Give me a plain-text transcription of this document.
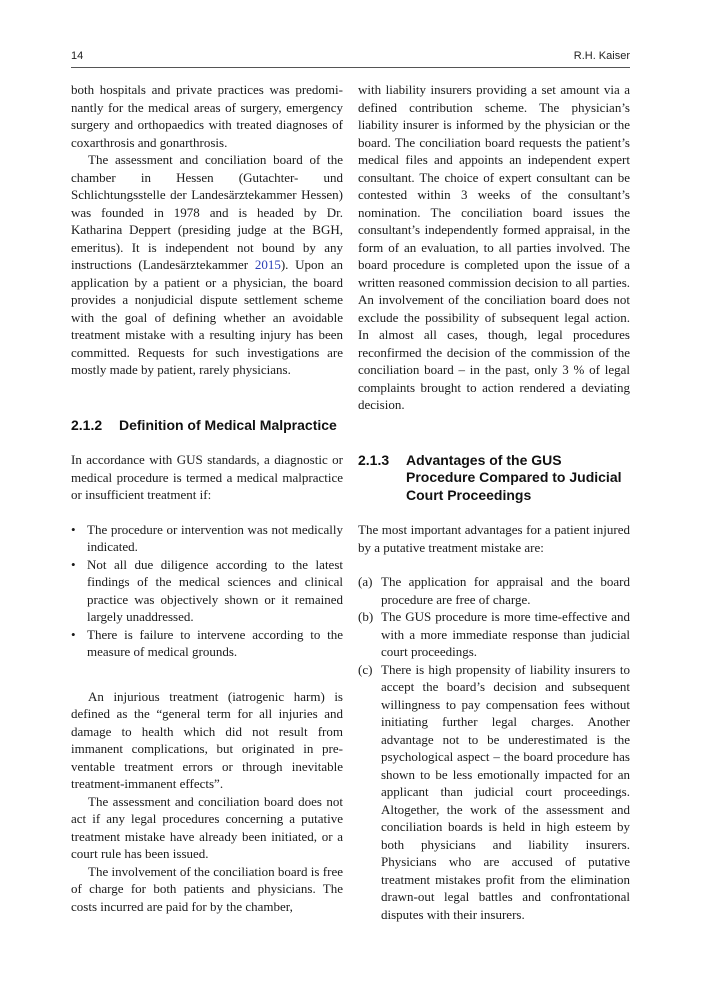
14	R.H. Kaiser

both hospitals and private practices was predominantly for the medical areas of surgery, emergency surgery and orthopaedics with treated diagnoses of coxarthrosis and gonarthrosis.

The assessment and conciliation board of the chamber in Hessen (Gutachter- und Schlichtungsstelle der Landesärztekammer Hessen) was founded in 1978 and is headed by Dr. Katharina Deppert (presiding judge at the BGH, emeritus). It is independent not bound by any instructions (Landesärztekammer 2015). Upon an application by a patient or a physician, the board provides a nonjudicial dispute settlement scheme with the goal of defining whether an avoidable treatment mistake with a resulting injury has been committed. Requests for such investigations are mostly made by patient, rarely physicians.

2.1.2	Definition of Medical Malpractice

In accordance with GUS standards, a diagnostic or medical procedure is termed a medical malpractice or insufficient treatment if:

• The procedure or intervention was not medically indicated.
• Not all due diligence according to the latest findings of the medical sciences and clinical practice was objectively shown or it remained largely unaddressed.
• There is failure to intervene according to the measure of medical grounds.

An injurious treatment (iatrogenic harm) is defined as the “general term for all injuries and damage to health which did not result from immanent complications, but originated in preventable treatment errors or through inevitable treatment-immanent effects”.

The assessment and conciliation board does not act if any legal procedures concerning a putative treatment mistake have already been initiated, or a court rule has been issued.

The involvement of the conciliation board is free of charge for both patients and physicians. The costs incurred are paid for by the chamber,

with liability insurers providing a set amount via a defined contribution scheme. The physician’s liability insurer is informed by the physician or the board. The conciliation board requests the patient’s medical files and appoints an independent expert consultant. The choice of expert consultant can be contested within 3 weeks of the consultant’s nomination. The conciliation board issues the consultant’s independently formed appraisal, in the form of an evaluation, to all parties involved. The board procedure is completed upon the issue of a written reasoned commission decision to all parties. An involvement of the conciliation board does not exclude the possibility of subsequent legal action. In almost all cases, though, legal procedures reconfirmed the decision of the commission of the conciliation board – in the past, only 3 % of legal complaints brought to action rendered a deviating decision.

2.1.3	Advantages of the GUS Procedure Compared to Judicial Court Proceedings

The most important advantages for a patient injured by a putative treatment mistake are:

(a) The application for appraisal and the board procedure are free of charge.
(b) The GUS procedure is more time-effective and with a more immediate response than judicial court proceedings.
(c) There is high propensity of liability insurers to accept the board’s decision and subsequent willingness to pay compensation fees without initiating further legal charges. Another advantage not to be underestimated is the psychological aspect – the board procedure has shown to be less emotionally impacted for an applicant than judicial court proceedings. Altogether, the work of the assessment and conciliation boards is held in high esteem by both physicians and liability insurers. Physicians who are accused of putative treatment mistakes profit from the elimination drawn-out legal battles and confrontational disputes with their insurers.
